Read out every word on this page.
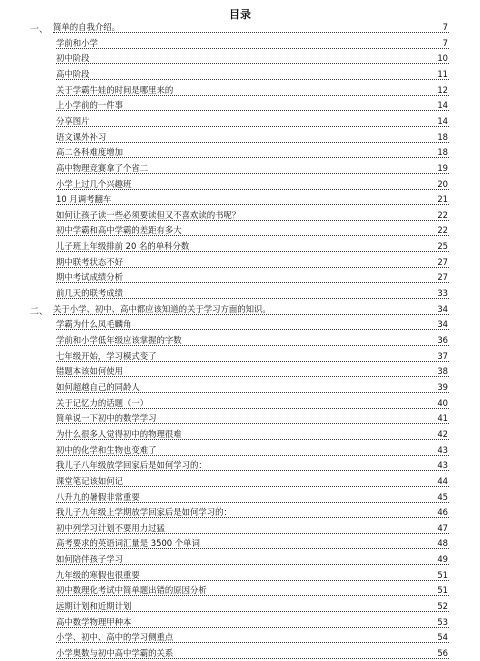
目录
一、 简单的自我介绍。	7
学前和小学	7
初中阶段	10
高中阶段	11
关于学霸牛娃的时间是哪里来的	12
上小学前的一件事	14
分享图片	14
语文课外补习	18
高二各科难度增加	18
高中物理竞赛拿了个省二	19
小学上过几个兴趣班	20
10 月调考翻车	21
如何让孩子读一些必须要读但又不喜欢读的书呢？	22
初中学霸和高中学霸的差距有多大	22
儿子班上年级排前 20 名的单科分数	25
期中联考状态不好	27
期中考试成绩分析	27
前几天的联考成绩	33
二、 关于小学、初中、高中都应该知道的关于学习方面的知识。	34
学霸为什么凤毛麟角	34
学前和小学低年级应该掌握的字数	36
七年级开始，学习模式变了	37
错题本该如何使用	38
如何超越自己的同龄人	39
关于记忆力的话题（一）	40
简单说一下初中的数学学习	41
为什么很多人觉得初中的物理很难	42
初中的化学和生物也变难了	43
我儿子八年级放学回家后是如何学习的：	43
课堂笔记该如何记	44
八升九的暑假非常重要	45
我儿子九年级上学期放学回家后是如何学习的：	46
初中列学习计划不要用力过猛	47
高考要求的英语词汇量是 3500 个单词	48
如何陪伴孩子学习	49
九年级的寒假也很重要	51
初中数理化考试中简单题出错的原因分析	51
远期计划和近期计划	52
高中数学物理甲种本	53
小学、初中、高中的学习侧重点	54
小学奥数与初中高中学霸的关系	56
